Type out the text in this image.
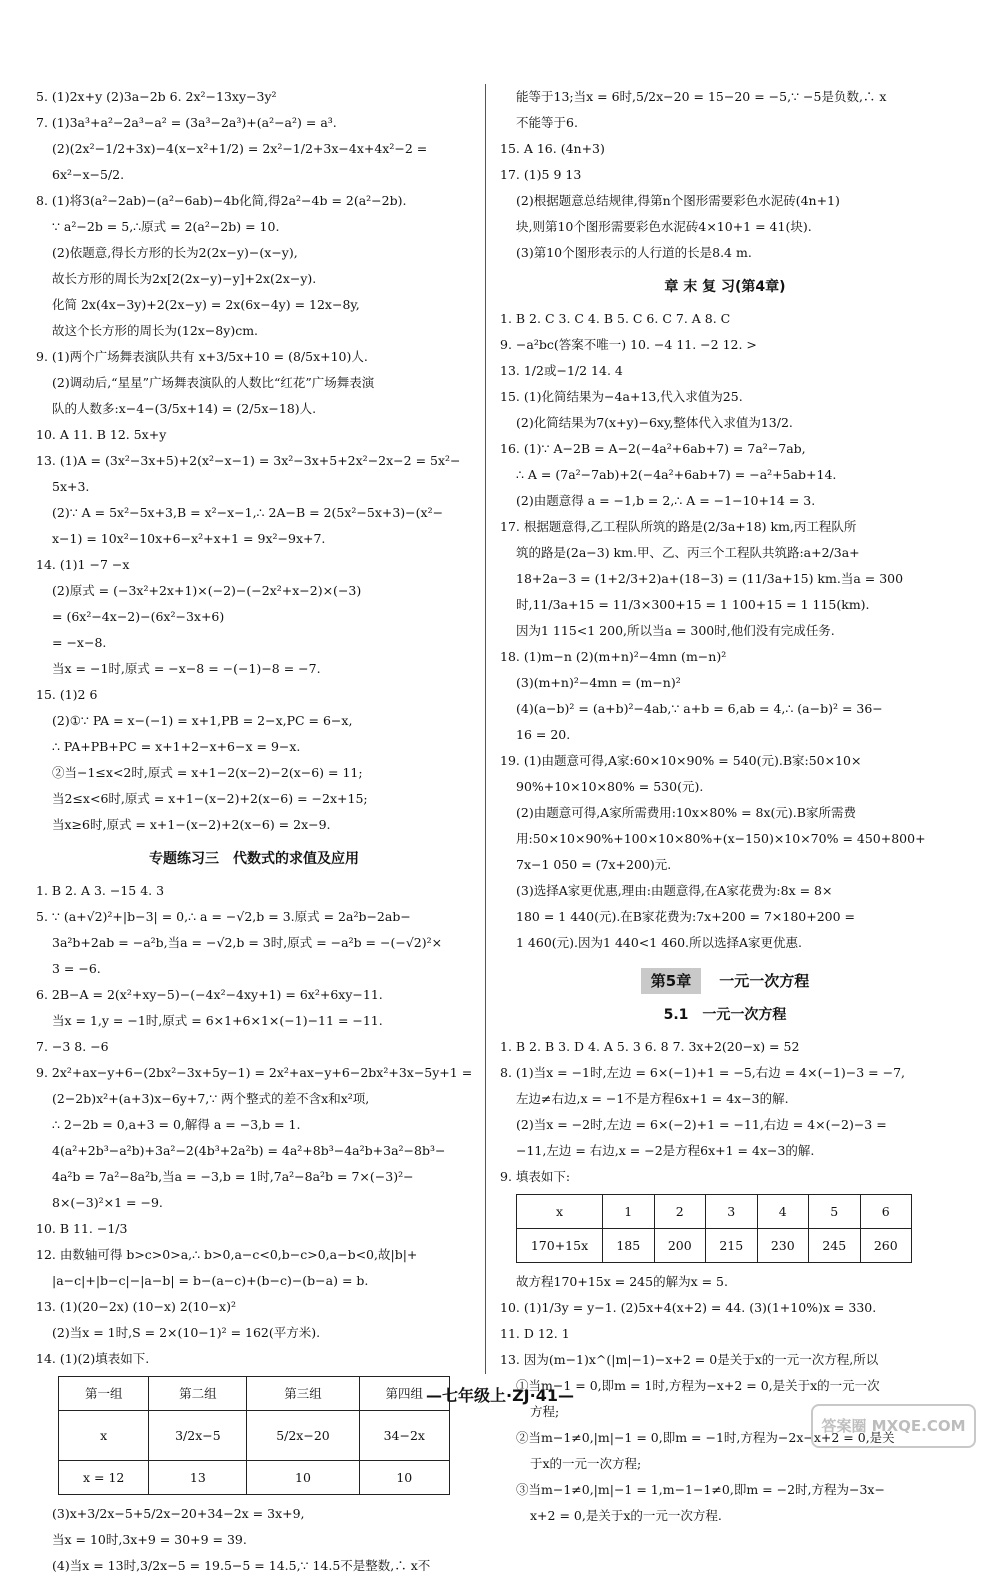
5. (1)2x+y (2)3a−2b 6. 2x²−13xy−3y²
7. (1)3a³+a²−2a³−a² = (3a³−2a³)+(a²−a²) = a³.
(2)(2x²−1/2+3x)−4(x−x²+1/2) = 2x²−1/2+3x−4x+4x²−2 =
6x²−x−5/2.
8. (1)将3(a²−2ab)−(a²−6ab)−4b化简,得2a²−4b = 2(a²−2b).
∵ a²−2b = 5,∴原式 = 2(a²−2b) = 10.
(2)依题意,得长方形的长为2(2x−y)−(x−y),
故长方形的周长为2x[2(2x−y)−y]+2x(2x−y).
化简 2x(4x−3y)+2(2x−y) = 2x(6x−4y) = 12x−8y,
故这个长方形的周长为(12x−8y)cm.
9. (1)两个广场舞表演队共有 x+3/5x+10 = (8/5x+10)人.
(2)调动后,“星星”广场舞表演队的人数比“红花”广场舞表演
队的人数多:x−4−(3/5x+14) = (2/5x−18)人.
10. A 11. B 12. 5x+y
13. (1)A = (3x²−3x+5)+2(x²−x−1) = 3x²−3x+5+2x²−2x−2 = 5x²−
5x+3.
(2)∵ A = 5x²−5x+3,B = x²−x−1,∴ 2A−B = 2(5x²−5x+3)−(x²−
x−1) = 10x²−10x+6−x²+x+1 = 9x²−9x+7.
14. (1)1 −7 −x
(2)原式 = (−3x²+2x+1)×(−2)−(−2x²+x−2)×(−3)
= (6x²−4x−2)−(6x²−3x+6)
= −x−8.
当x = −1时,原式 = −x−8 = −(−1)−8 = −7.
15. (1)2 6
(2)①∵ PA = x−(−1) = x+1,PB = 2−x,PC = 6−x,
∴ PA+PB+PC = x+1+2−x+6−x = 9−x.
②当−1≤x<2时,原式 = x+1−2(x−2)−2(x−6) = 11;
当2≤x<6时,原式 = x+1−(x−2)+2(x−6) = −2x+15;
当x≥6时,原式 = x+1−(x−2)+2(x−6) = 2x−9.
专题练习三　代数式的求值及应用
1. B 2. A 3. −15 4. 3
5. ∵ (a+√2)²+|b−3| = 0,∴ a = −√2,b = 3.原式 = 2a²b−2ab−
3a²b+2ab = −a²b,当a = −√2,b = 3时,原式 = −a²b = −(−√2)²×
3 = −6.
6. 2B−A = 2(x²+xy−5)−(−4x²−4xy+1) = 6x²+6xy−11.
当x = 1,y = −1时,原式 = 6×1+6×1×(−1)−11 = −11.
7. −3 8. −6
9. 2x²+ax−y+6−(2bx²−3x+5y−1) = 2x²+ax−y+6−2bx²+3x−5y+1 =
(2−2b)x²+(a+3)x−6y+7,∵ 两个整式的差不含x和x²项,
∴ 2−2b = 0,a+3 = 0,解得 a = −3,b = 1.
4(a²+2b³−a²b)+3a²−2(4b³+2a²b) = 4a²+8b³−4a²b+3a²−8b³−
4a²b = 7a²−8a²b,当a = −3,b = 1时,7a²−8a²b = 7×(−3)²−
8×(−3)²×1 = −9.
10. B 11. −1/3
12. 由数轴可得 b>c>0>a,∴ b>0,a−c<0,b−c>0,a−b<0,故|b|+
|a−c|+|b−c|−|a−b| = b−(a−c)+(b−c)−(b−a) = b.
13. (1)(20−2x) (10−x) 2(10−x)²
(2)当x = 1时,S = 2×(10−1)² = 162(平方米).
14. (1)(2)填表如下.
第一组	第二组	第三组	第四组
x	3/2x−5	5/2x−20	34−2x
x = 12	13	10	10
(3)x+3/2x−5+5/2x−20+34−2x = 3x+9,
当x = 10时,3x+9 = 30+9 = 39.
(4)当x = 13时,3/2x−5 = 19.5−5 = 14.5,∵ 14.5不是整数,∴ x不
能等于13;当x = 6时,5/2x−20 = 15−20 = −5,∵ −5是负数,∴ x
不能等于6.
15. A 16. (4n+3)
17. (1)5 9 13
(2)根据题意总结规律,得第n个图形需要彩色水泥砖(4n+1)
块,则第10个图形需要彩色水泥砖4×10+1 = 41(块).
(3)第10个图形表示的人行道的长是8.4 m.
章 末 复 习(第4章)
1. B 2. C 3. C 4. B 5. C 6. C 7. A 8. C
9. −a²bc(答案不唯一) 10. −4 11. −2 12. >
13. 1/2或−1/2 14. 4
15. (1)化简结果为−4a+13,代入求值为25.
(2)化简结果为7(x+y)−6xy,整体代入求值为13/2.
16. (1)∵ A−2B = A−2(−4a²+6ab+7) = 7a²−7ab,
∴ A = (7a²−7ab)+2(−4a²+6ab+7) = −a²+5ab+14.
(2)由题意得 a = −1,b = 2,∴ A = −1−10+14 = 3.
17. 根据题意得,乙工程队所筑的路是(2/3a+18) km,丙工程队所
筑的路是(2a−3) km.甲、乙、丙三个工程队共筑路:a+2/3a+
18+2a−3 = (1+2/3+2)a+(18−3) = (11/3a+15) km.当a = 300
时,11/3a+15 = 11/3×300+15 = 1 100+15 = 1 115(km).
因为1 115<1 200,所以当a = 300时,他们没有完成任务.
18. (1)m−n (2)(m+n)²−4mn (m−n)²
(3)(m+n)²−4mn = (m−n)²
(4)(a−b)² = (a+b)²−4ab,∵ a+b = 6,ab = 4,∴ (a−b)² = 36−
16 = 20.
19. (1)由题意可得,A家:60×10×90% = 540(元).B家:50×10×
90%+10×10×80% = 530(元).
(2)由题意可得,A家所需费用:10x×80% = 8x(元).B家所需费
用:50×10×90%+100×10×80%+(x−150)×10×70% = 450+800+
7x−1 050 = (7x+200)元.
(3)选择A家更优惠,理由:由题意得,在A家花费为:8x = 8×
180 = 1 440(元).在B家花费为:7x+200 = 7×180+200 =
1 460(元).因为1 440<1 460.所以选择A家更优惠.
第5章 一元一次方程
5.1　一元一次方程
1. B 2. B 3. D 4. A 5. 3 6. 8 7. 3x+2(20−x) = 52
8. (1)当x = −1时,左边 = 6×(−1)+1 = −5,右边 = 4×(−1)−3 = −7,
左边≠右边,x = −1不是方程6x+1 = 4x−3的解.
(2)当x = −2时,左边 = 6×(−2)+1 = −11,右边 = 4×(−2)−3 =
−11,左边 = 右边,x = −2是方程6x+1 = 4x−3的解.
9. 填表如下:
x	1	2	3	4	5	6
170+15x	185	200	215	230	245	260
故方程170+15x = 245的解为x = 5.
10. (1)1/3y = y−1. (2)5x+4(x+2) = 44. (3)(1+10%)x = 330.
11. D 12. 1
13. 因为(m−1)x^(|m|−1)−x+2 = 0是关于x的一元一次方程,所以
①当m−1 = 0,即m = 1时,方程为−x+2 = 0,是关于x的一元一次
方程;
②当m−1≠0,|m|−1 = 0,即m = −1时,方程为−2x−x+2 = 0,是关
于x的一元一次方程;
③当m−1≠0,|m|−1 = 1,m−1−1≠0,即m = −2时,方程为−3x−
x+2 = 0,是关于x的一元一次方程.
—七年级上·ZJ·41—
答案圈 MXQE.COM
